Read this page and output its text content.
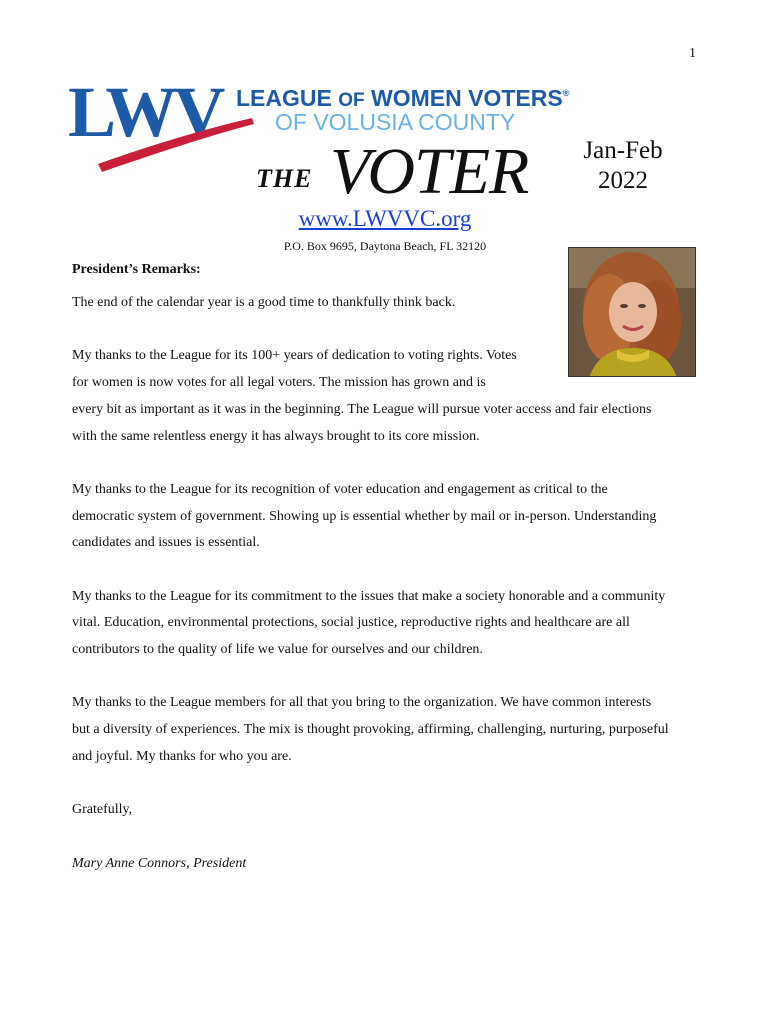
1
LWV LEAGUE OF WOMEN VOTERS®
OF VOLUSIA COUNTY
THE VOTER Jan-Feb
2022
www.LWVVC.org
P.O. Box 9695, Daytona Beach, FL 32120
President’s Remarks:

The end of the calendar year is a good time to thankfully think back.

My thanks to the League for its 100+ years of dedication to voting rights. Votes
for women is now votes for all legal voters. The mission has grown and is
every bit as important as it was in the beginning. The League will pursue voter access and fair elections with the same relentless energy it has always brought to its core mission.

My thanks to the League for its recognition of voter education and engagement as critical to the democratic system of government. Showing up is essential whether by mail or in-person. Understanding candidates and issues is essential.

My thanks to the League for its commitment to the issues that make a society honorable and a community vital. Education, environmental protections, social justice, reproductive rights and healthcare are all contributors to the quality of life we value for ourselves and our children.

My thanks to the League members for all that you bring to the organization. We have common interests but a diversity of experiences. The mix is thought provoking, affirming, challenging, nurturing, purposeful and joyful. My thanks for who you are.

Gratefully,

Mary Anne Connors, President
